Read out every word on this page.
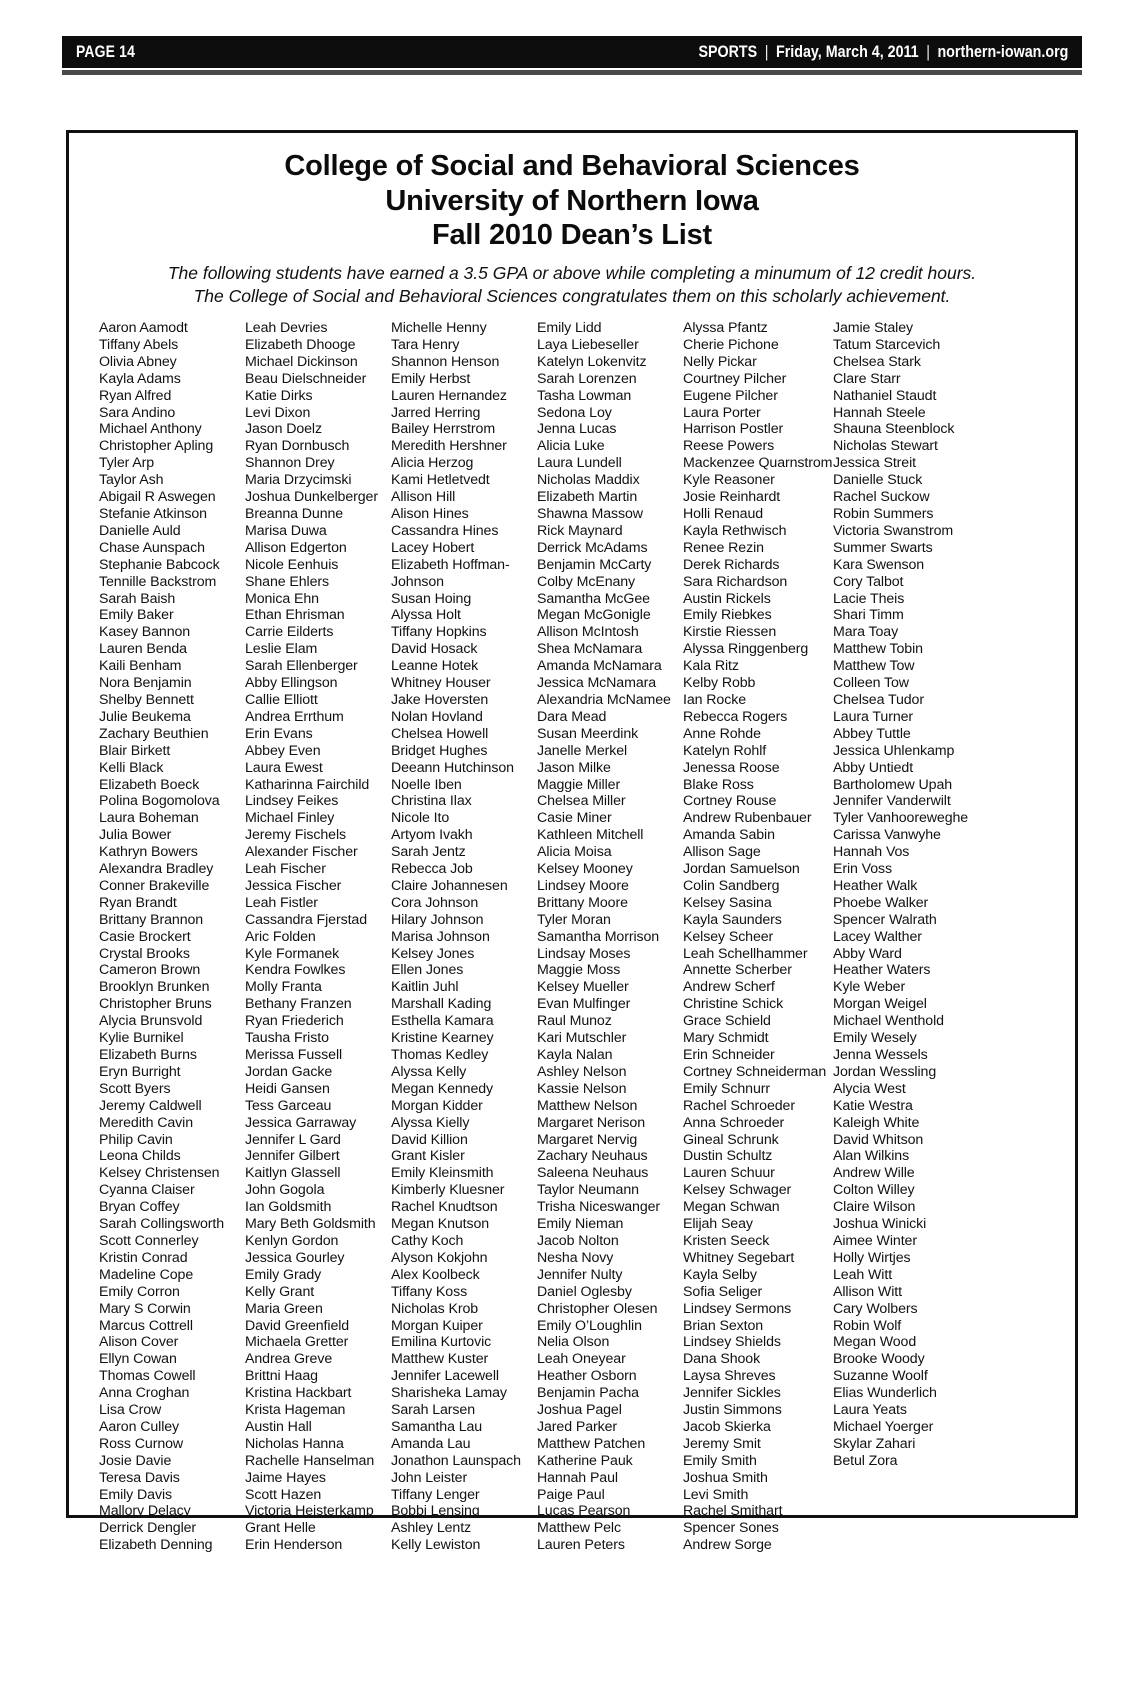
PAGE 14	SPORTS | Friday, March 4, 2011 | northern-iowan.org
College of Social and Behavioral Sciences
University of Northern Iowa
Fall 2010 Dean’s List
The following students have earned a 3.5 GPA or above while completing a minumum of 12 credit hours.
The College of Social and Behavioral Sciences congratulates them on this scholarly achievement.
Aaron Aamodt
Tiffany Abels
Olivia Abney
Kayla Adams
Ryan Alfred
Sara Andino
Michael Anthony
Christopher Apling
Tyler Arp
Taylor Ash
Abigail R Aswegen
Stefanie Atkinson
Danielle Auld
Chase Aunspach
Stephanie Babcock
Tennille Backstrom
Sarah Baish
Emily Baker
Kasey Bannon
Lauren Benda
Kaili Benham
Nora Benjamin
Shelby Bennett
Julie Beukema
Zachary Beuthien
Blair Birkett
Kelli Black
Elizabeth Boeck
Polina Bogomolova
Laura Boheman
Julia Bower
Kathryn Bowers
Alexandra Bradley
Conner Brakeville
Ryan Brandt
Brittany Brannon
Casie Brockert
Crystal Brooks
Cameron Brown
Brooklyn Brunken
Christopher Bruns
Alycia Brunsvold
Kylie Burnikel
Elizabeth Burns
Eryn Burright
Scott Byers
Jeremy Caldwell
Meredith Cavin
Philip Cavin
Leona Childs
Kelsey Christensen
Cyanna Claiser
Bryan Coffey
Sarah Collingsworth
Scott Connerley
Kristin Conrad
Madeline Cope
Emily Corron
Mary S Corwin
Marcus Cottrell
Alison Cover
Ellyn Cowan
Thomas Cowell
Anna Croghan
Lisa Crow
Aaron Culley
Ross Curnow
Josie Davie
Teresa Davis
Emily Davis
Mallory Delacy
Derrick Dengler
Elizabeth Denning
Leah Devries
Elizabeth Dhooge
Michael Dickinson
Beau Dielschneider
Katie Dirks
Levi Dixon
Jason Doelz
Ryan Dornbusch
Shannon Drey
Maria Drzycimski
Joshua Dunkelberger
Breanna Dunne
Marisa Duwa
Allison Edgerton
Nicole Eenhuis
Shane Ehlers
Monica Ehn
Ethan Ehrisman
Carrie Eilderts
Leslie Elam
Sarah Ellenberger
Abby Ellingson
Callie Elliott
Andrea Errthum
Erin Evans
Abbey Even
Laura Ewest
Katharinna Fairchild
Lindsey Feikes
Michael Finley
Jeremy Fischels
Alexander Fischer
Leah Fischer
Jessica Fischer
Leah Fistler
Cassandra Fjerstad
Aric Folden
Kyle Formanek
Kendra Fowlkes
Molly Franta
Bethany Franzen
Ryan Friederich
Tausha Fristo
Merissa Fussell
Jordan Gacke
Heidi Gansen
Tess Garceau
Jessica Garraway
Jennifer L Gard
Jennifer Gilbert
Kaitlyn Glassell
John Gogola
Ian Goldsmith
Mary Beth Goldsmith
Kenlyn Gordon
Jessica Gourley
Emily Grady
Kelly Grant
Maria Green
David Greenfield
Michaela Gretter
Andrea Greve
Brittni Haag
Kristina Hackbart
Krista Hageman
Austin Hall
Nicholas Hanna
Rachelle Hanselman
Jaime Hayes
Scott Hazen
Victoria Heisterkamp
Grant Helle
Erin Henderson
Michelle Henny
Tara Henry
Shannon Henson
Emily Herbst
Lauren Hernandez
Jarred Herring
Bailey Herrstrom
Meredith Hershner
Alicia Herzog
Kami Hetletvedt
Allison Hill
Alison Hines
Cassandra Hines
Lacey Hobert
Elizabeth Hoffman-Johnson
Susan Hoing
Alyssa Holt
Tiffany Hopkins
David Hosack
Leanne Hotek
Whitney Houser
Jake Hoversten
Nolan Hovland
Chelsea Howell
Bridget Hughes
Deeann Hutchinson
Noelle Iben
Christina Ilax
Nicole Ito
Artyom Ivakh
Sarah Jentz
Rebecca Job
Claire Johannesen
Cora Johnson
Hilary Johnson
Marisa Johnson
Kelsey Jones
Ellen Jones
Kaitlin Juhl
Marshall Kading
Esthella Kamara
Kristine Kearney
Thomas Kedley
Alyssa Kelly
Megan Kennedy
Morgan Kidder
Alyssa Kielly
David Killion
Grant Kisler
Emily Kleinsmith
Kimberly Kluesner
Rachel Knudtson
Megan Knutson
Cathy Koch
Alyson Kokjohn
Alex Koolbeck
Tiffany Koss
Nicholas Krob
Morgan Kuiper
Emilina Kurtovic
Matthew Kuster
Jennifer Lacewell
Sharisheka Lamay
Sarah Larsen
Samantha Lau
Amanda Lau
Jonathon Launspach
John Leister
Tiffany Lenger
Bobbi Lensing
Ashley Lentz
Kelly Lewiston
Emily Lidd
Laya Liebeseller
Katelyn Lokenvitz
Sarah Lorenzen
Tasha Lowman
Sedona Loy
Jenna Lucas
Alicia Luke
Laura Lundell
Nicholas Maddix
Elizabeth Martin
Shawna Massow
Rick Maynard
Derrick McAdams
Benjamin McCarty
Colby McEnany
Samantha McGee
Megan McGonigle
Allison McIntosh
Shea McNamara
Amanda McNamara
Jessica McNamara
Alexandria McNamee
Dara Mead
Susan Meerdink
Janelle Merkel
Jason Milke
Maggie Miller
Chelsea Miller
Casie Miner
Kathleen Mitchell
Alicia Moisa
Kelsey Mooney
Lindsey Moore
Brittany Moore
Tyler Moran
Samantha Morrison
Lindsay Moses
Maggie Moss
Kelsey Mueller
Evan Mulfinger
Raul Munoz
Kari Mutschler
Kayla Nalan
Ashley Nelson
Kassie Nelson
Matthew Nelson
Margaret Nerison
Margaret Nervig
Zachary Neuhaus
Saleena Neuhaus
Taylor Neumann
Trisha Niceswanger
Emily Nieman
Jacob Nolton
Nesha Novy
Jennifer Nulty
Daniel Oglesby
Christopher Olesen
Emily O’Loughlin
Nelia Olson
Leah Oneyear
Heather Osborn
Benjamin Pacha
Joshua Pagel
Jared Parker
Matthew Patchen
Katherine Pauk
Hannah Paul
Paige Paul
Lucas Pearson
Matthew Pelc
Lauren Peters
Alyssa Pfantz
Cherie Pichone
Nelly Pickar
Courtney Pilcher
Eugene Pilcher
Laura Porter
Harrison Postler
Reese Powers
Mackenzee Quarnstrom
Kyle Reasoner
Josie Reinhardt
Holli Renaud
Kayla Rethwisch
Renee Rezin
Derek Richards
Sara Richardson
Austin Rickels
Emily Riebkes
Kirstie Riessen
Alyssa Ringgenberg
Kala Ritz
Kelby Robb
Ian Rocke
Rebecca Rogers
Anne Rohde
Katelyn Rohlf
Jenessa Roose
Blake Ross
Cortney Rouse
Andrew Rubenbauer
Amanda Sabin
Allison Sage
Jordan Samuelson
Colin Sandberg
Kelsey Sasina
Kayla Saunders
Kelsey Scheer
Leah Schellhammer
Annette Scherber
Andrew Scherf
Christine Schick
Grace Schield
Mary Schmidt
Erin Schneider
Cortney Schneiderman
Emily Schnurr
Rachel Schroeder
Anna Schroeder
Gineal Schrunk
Dustin Schultz
Lauren Schuur
Kelsey Schwager
Megan Schwan
Elijah Seay
Kristen Seeck
Whitney Segebart
Kayla Selby
Sofia Seliger
Lindsey Sermons
Brian Sexton
Lindsey Shields
Dana Shook
Laysa Shreves
Jennifer Sickles
Justin Simmons
Jacob Skierka
Jeremy Smit
Emily Smith
Joshua Smith
Levi Smith
Rachel Smithart
Spencer Sones
Andrew Sorge
Jamie Staley
Tatum Starcevich
Chelsea Stark
Clare Starr
Nathaniel Staudt
Hannah Steele
Shauna Steenblock
Nicholas Stewart
Jessica Streit
Danielle Stuck
Rachel Suckow
Robin Summers
Victoria Swanstrom
Summer Swarts
Kara Swenson
Cory Talbot
Lacie Theis
Shari Timm
Mara Toay
Matthew Tobin
Matthew Tow
Colleen Tow
Chelsea Tudor
Laura Turner
Abbey Tuttle
Jessica Uhlenkamp
Abby Untiedt
Bartholomew Upah
Jennifer Vanderwilt
Tyler Vanhooreweghe
Carissa Vanwyhe
Hannah Vos
Erin Voss
Heather Walk
Phoebe Walker
Spencer Walrath
Lacey Walther
Abby Ward
Heather Waters
Kyle Weber
Morgan Weigel
Michael Wenthold
Emily Wesely
Jenna Wessels
Jordan Wessling
Alycia West
Katie Westra
Kaleigh White
David Whitson
Alan Wilkins
Andrew Wille
Colton Willey
Claire Wilson
Joshua Winicki
Aimee Winter
Holly Wirtjes
Leah Witt
Allison Witt
Cary Wolbers
Robin Wolf
Megan Wood
Brooke Woody
Suzanne Woolf
Elias Wunderlich
Laura Yeats
Michael Yoerger
Skylar Zahari
Betul Zora
